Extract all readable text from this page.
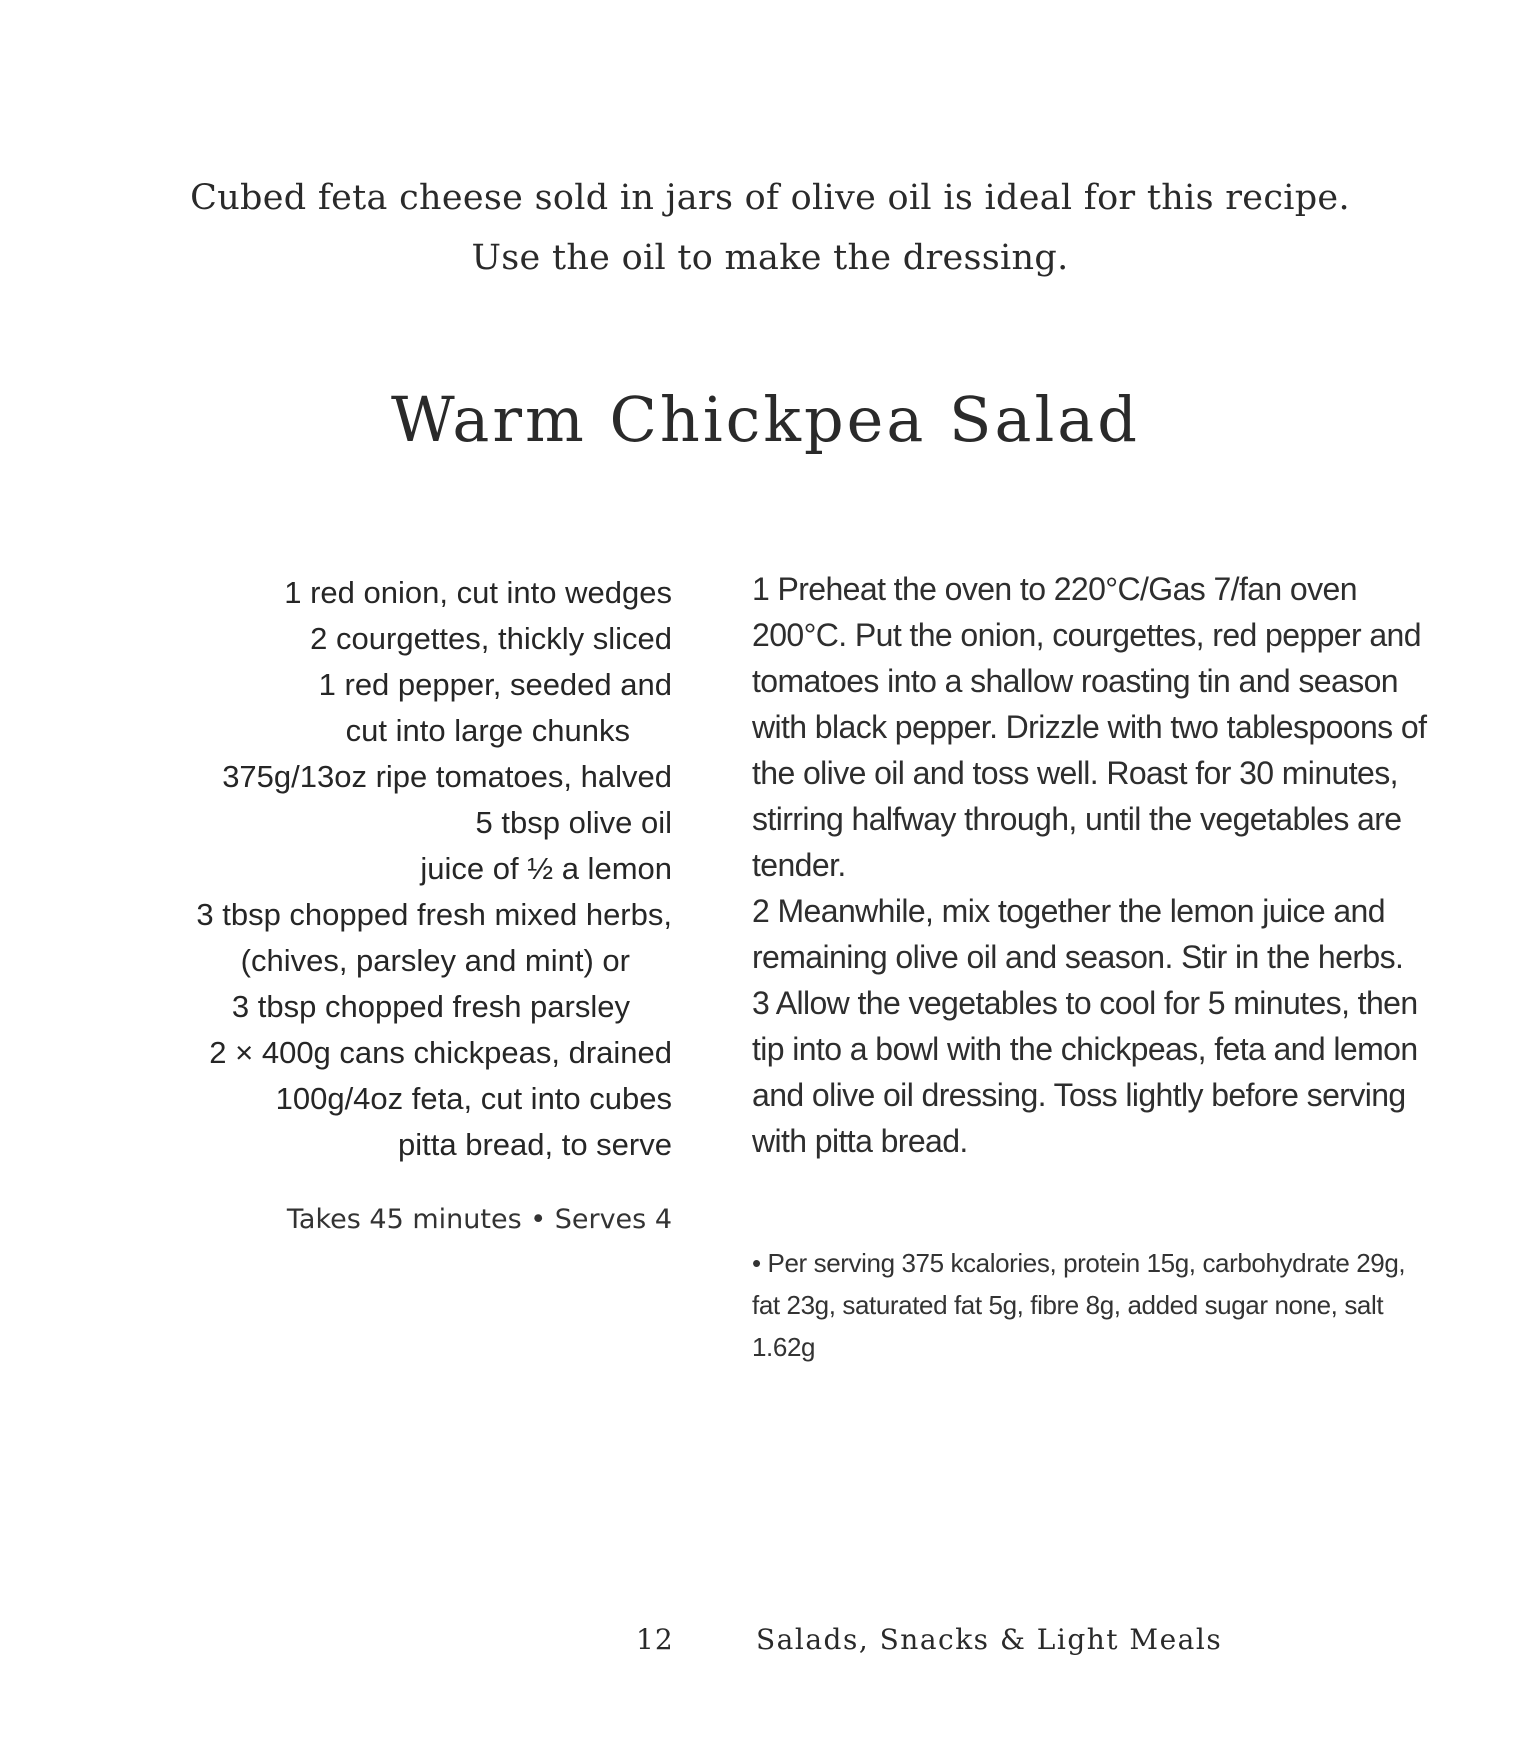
Cubed feta cheese sold in jars of olive oil is ideal for this recipe.
Use the oil to make the dressing.
Warm Chickpea Salad
1 red onion, cut into wedges
2 courgettes, thickly sliced
1 red pepper, seeded and
cut into large chunks
375g/13oz ripe tomatoes, halved
5 tbsp olive oil
juice of ½ a lemon
3 tbsp chopped fresh mixed herbs,
(chives, parsley and mint) or
3 tbsp chopped fresh parsley
2 × 400g cans chickpeas, drained
100g/4oz feta, cut into cubes
pitta bread, to serve
Takes 45 minutes • Serves 4

1 Preheat the oven to 220°C/Gas 7/fan oven 200°C. Put the onion, courgettes, red pepper and tomatoes into a shallow roasting tin and season with black pepper. Drizzle with two tablespoons of the olive oil and toss well. Roast for 30 minutes, stirring halfway through, until the vegetables are tender.

2 Meanwhile, mix together the lemon juice and remaining olive oil and season. Stir in the herbs.

3 Allow the vegetables to cool for 5 minutes, then tip into a bowl with the chickpeas, feta and lemon and olive oil dressing. Toss lightly before serving with pitta bread.

• Per serving 375 kcalories, protein 15g, carbohydrate 29g, fat 23g, saturated fat 5g, fibre 8g, added sugar none, salt 1.62g

12	Salads, Snacks & Light Meals
